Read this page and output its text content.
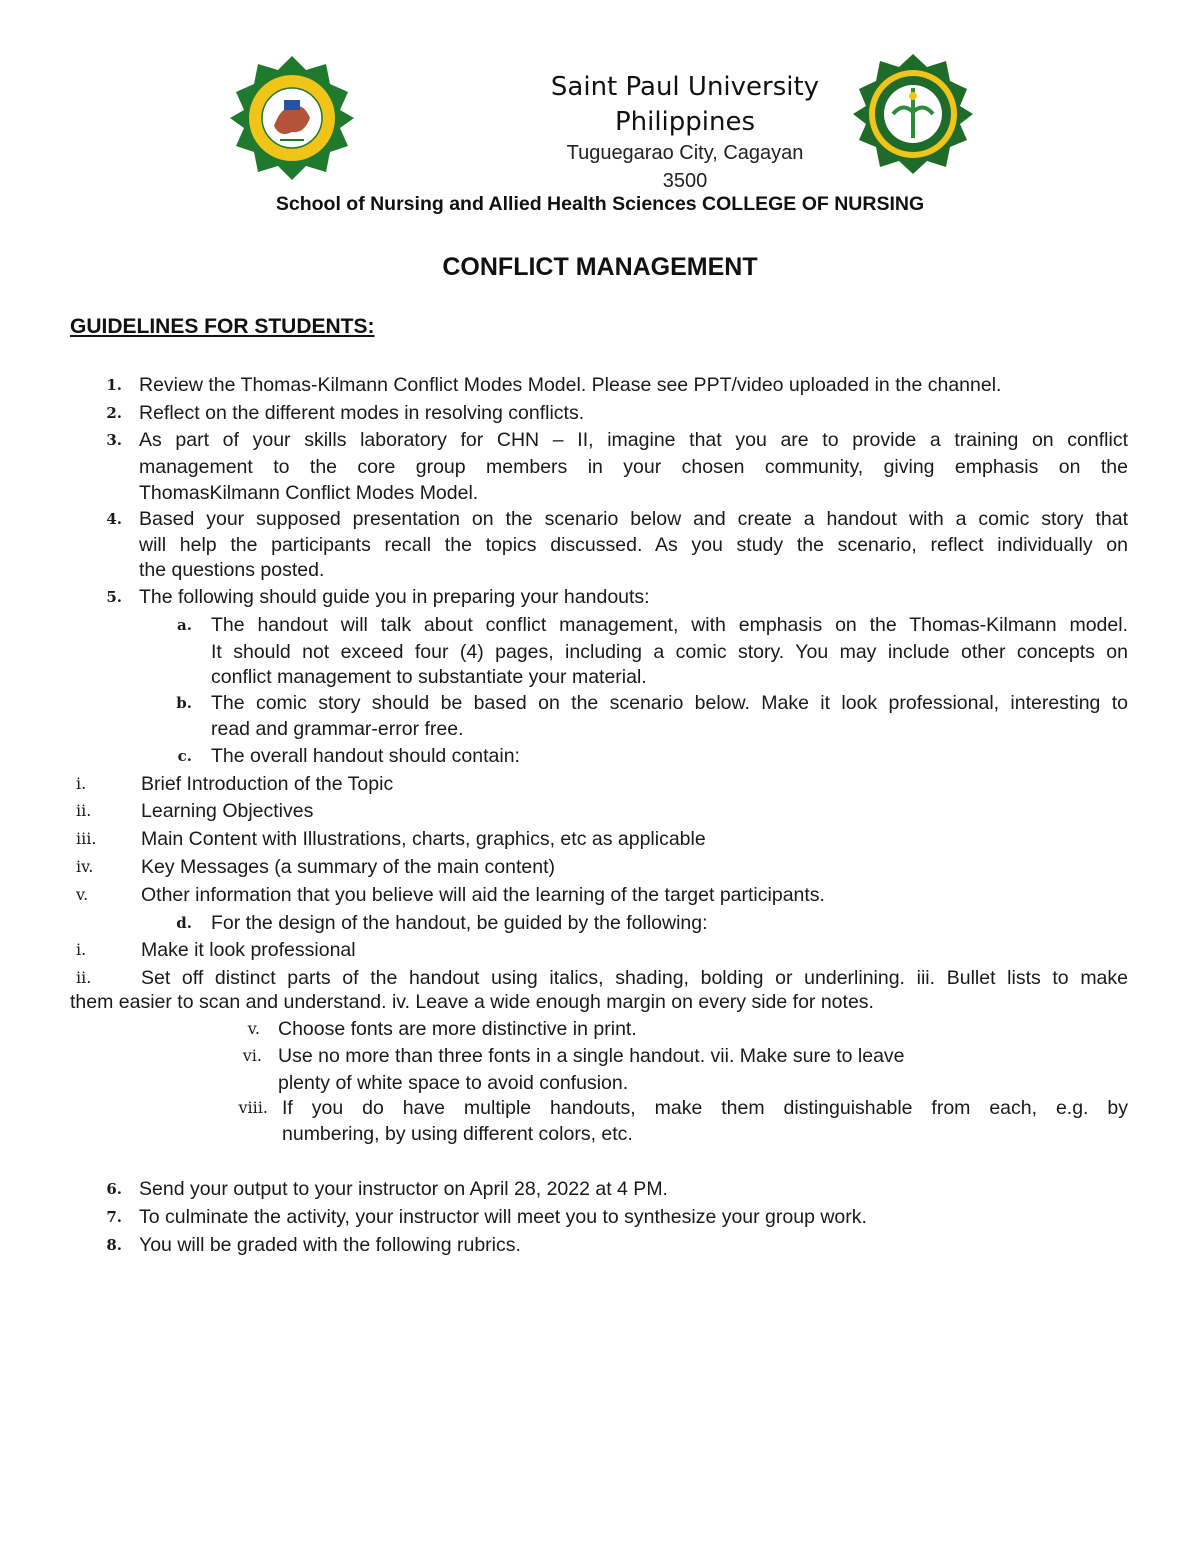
Saint Paul University
Philippines
Tuguegarao City, Cagayan
3500
School of Nursing and Allied Health Sciences COLLEGE OF NURSING
CONFLICT MANAGEMENT
GUIDELINES FOR STUDENTS:
1. Review the Thomas-Kilmann Conflict Modes Model. Please see PPT/video uploaded in the channel.
2. Reflect on the different modes in resolving conflicts.
3. As part of your skills laboratory for CHN – II, imagine that you are to provide a training on conflict
management to the core group members in your chosen community, giving emphasis on the
ThomasKilmann Conflict Modes Model.
4. Based your supposed presentation on the scenario below and create a handout with a comic story that
will help the participants recall the topics discussed. As you study the scenario, reflect individually on
the questions posted.
5. The following should guide you in preparing your handouts:
a. The handout will talk about conflict management, with emphasis on the Thomas-Kilmann model.
It should not exceed four (4) pages, including a comic story. You may include other concepts on
conflict management to substantiate your material.
b. The comic story should be based on the scenario below. Make it look professional, interesting to
read and grammar-error free.
c. The overall handout should contain:
i.	Brief Introduction of the Topic
ii.	Learning Objectives
iii.	Main Content with Illustrations, charts, graphics, etc as applicable
iv.	Key Messages (a summary of the main content)
v.	Other information that you believe will aid the learning of the target participants.
d. For the design of the handout, be guided by the following:
i.	Make it look professional
ii.	Set off distinct parts of the handout using italics, shading, bolding or underlining. iii. Bullet lists to make
them easier to scan and understand. iv. Leave a wide enough margin on every side for notes.
v. Choose fonts are more distinctive in print.
vi. Use no more than three fonts in a single handout. vii. Make sure to leave
plenty of white space to avoid confusion.
viii. If you do have multiple handouts, make them distinguishable from each, e.g. by
numbering, by using different colors, etc.
6. Send your output to your instructor on April 28, 2022 at 4 PM.
7. To culminate the activity, your instructor will meet you to synthesize your group work.
8. You will be graded with the following rubrics.
